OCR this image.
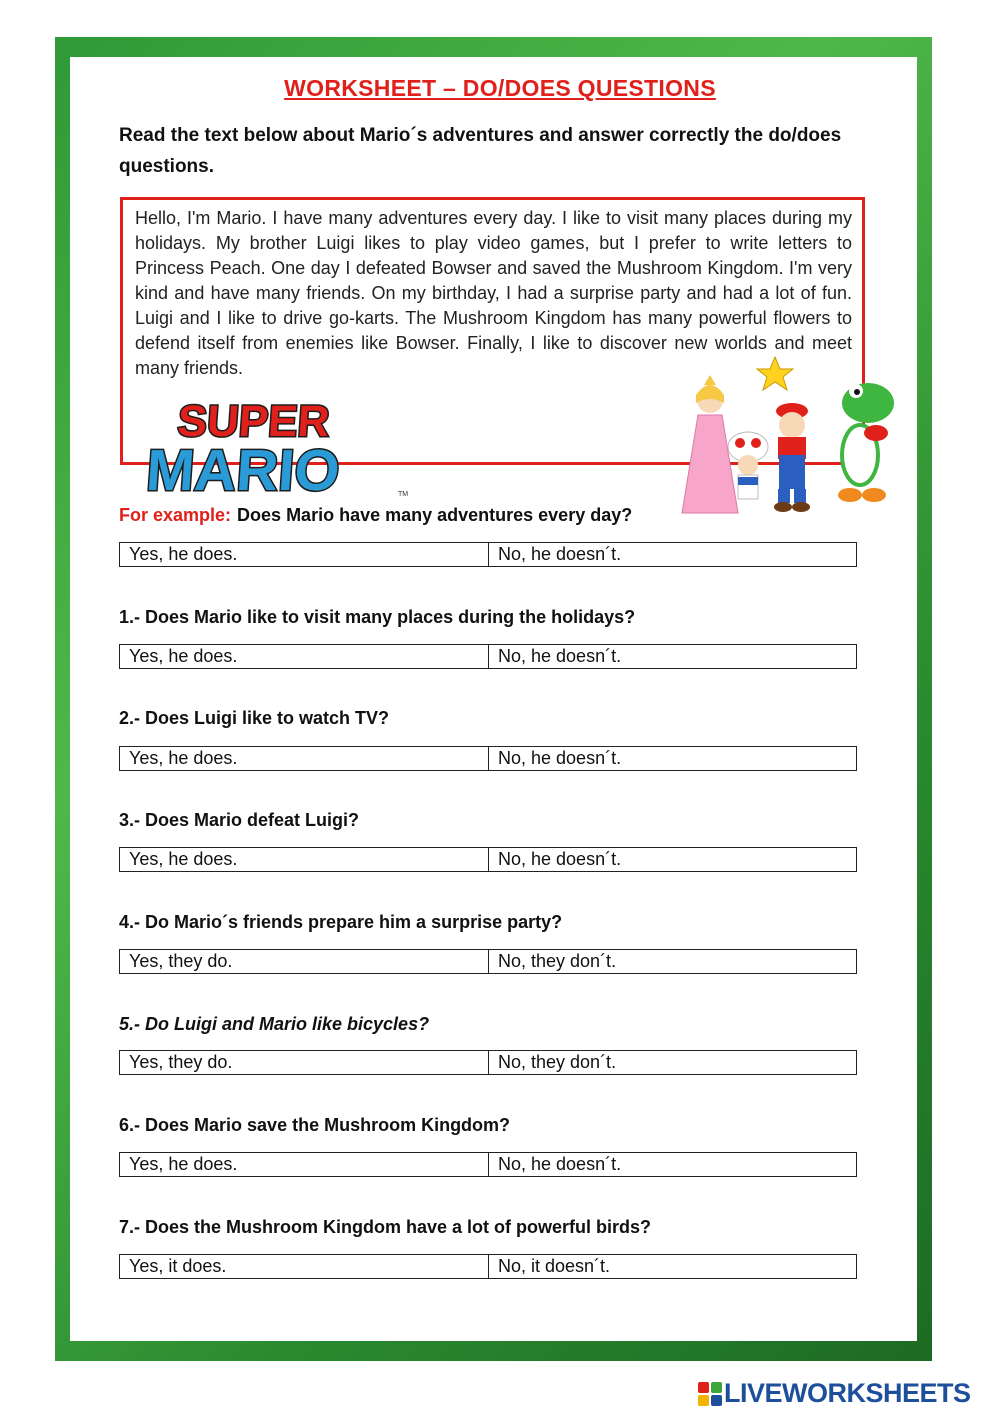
WORKSHEET – DO/DOES QUESTIONS
Read the text below about Mario´s adventures and answer correctly the do/does questions.
Hello, I'm Mario. I have many adventures every day. I like to visit many places during my holidays. My brother Luigi likes to play video games, but I prefer to write letters to Princess Peach. One day I defeated Bowser and saved the Mushroom Kingdom. I'm very kind and have many friends. On my birthday, I had a surprise party and had a lot of fun. Luigi and I like to drive go-karts. The Mushroom Kingdom has many powerful flowers to defend itself from enemies like Bowser. Finally, I like to discover new worlds and meet many friends.
SUPER
MARIO	TM
For example: Does Mario have many adventures every day?
Yes, he does.	No, he doesn´t.
1.- Does Mario like to visit many places during the holidays?
Yes, he does.	No, he doesn´t.
2.- Does Luigi like to watch TV?
Yes, he does.	No, he doesn´t.
3.- Does Mario defeat Luigi?
Yes, he does.	No, he doesn´t.
4.- Do Mario´s friends prepare him a surprise party?
Yes, they do.	No, they don´t.
5.- Do Luigi and Mario like bicycles?
Yes, they do.	No, they don´t.
6.- Does Mario save the Mushroom Kingdom?
Yes, he does.	No, he doesn´t.
7.- Does the Mushroom Kingdom have a lot of powerful birds?
Yes, it does.	No, it doesn´t.
LIVEWORKSHEETS
